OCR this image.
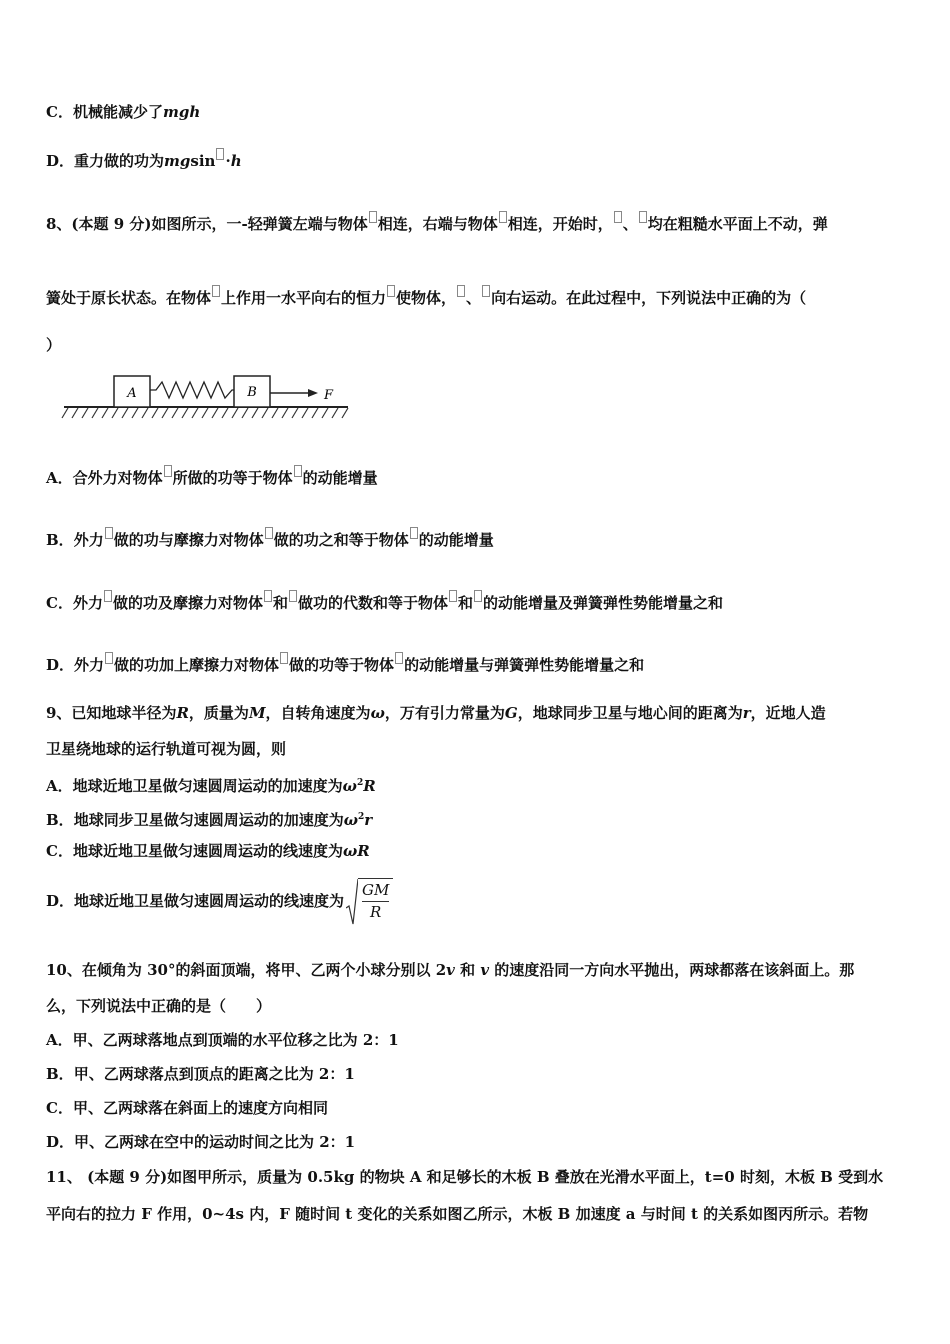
C．机械能减少了mgh
D．重力做的功为mgsin ·h
8、(本题 9 分)如图所示，一-轻弹簧左端与物体 相连，右端与物体 相连，开始时， 、 均在粗糙水平面上不动，弹
簧处于原长状态。在物体 上作用一水平向右的恒力 使物体， 、 向右运动。在此过程中，下列说法中正确的为（
）
A	B	F
A．合外力对物体 所做的功等于物体 的动能增量
B．外力 做的功与摩擦力对物体 做的功之和等于物体 的动能增量
C．外力 做的功及摩擦力对物体 和 做功的代数和等于物体 和 的动能增量及弹簧弹性势能增量之和
D．外力 做的功加上摩擦力对物体 做的功等于物体 的动能增量与弹簧弹性势能增量之和
9、已知地球半径为R，质量为M，自转角速度为ω，万有引力常量为G，地球同步卫星与地心间的距离为r，近地人造
卫星绕地球的运行轨道可视为圆，则
A．地球近地卫星做匀速圆周运动的加速度为$\omega^2R$
B．地球同步卫星做匀速圆周运动的加速度为$\omega^2r$
C．地球近地卫星做匀速圆周运动的线速度为ωR
D．地球近地卫星做匀速圆周运动的线速度为 $\frac{GM}{R}$
10、在倾角为 30°的斜面顶端，将甲、乙两个小球分别以 2v 和 v 的速度沿同一方向水平抛出，两球都落在该斜面上。那
么，下列说法中正确的是（　　）
A．甲、乙两球落地点到顶端的水平位移之比为 2：1
B．甲、乙两球落点到顶点的距离之比为 2：1
C．甲、乙两球落在斜面上的速度方向相同
D．甲、乙两球在空中的运动时间之比为 2：1
11、 (本题 9 分)如图甲所示，质量为 0.5kg 的物块 A 和足够长的木板 B 叠放在光滑水平面上，t=0 时刻，木板 B 受到水
平向右的拉力 F 作用，0~4s 内，F 随时间 t 变化的关系如图乙所示，木板 B 加速度 a 与时间 t 的关系如图丙所示。若物
